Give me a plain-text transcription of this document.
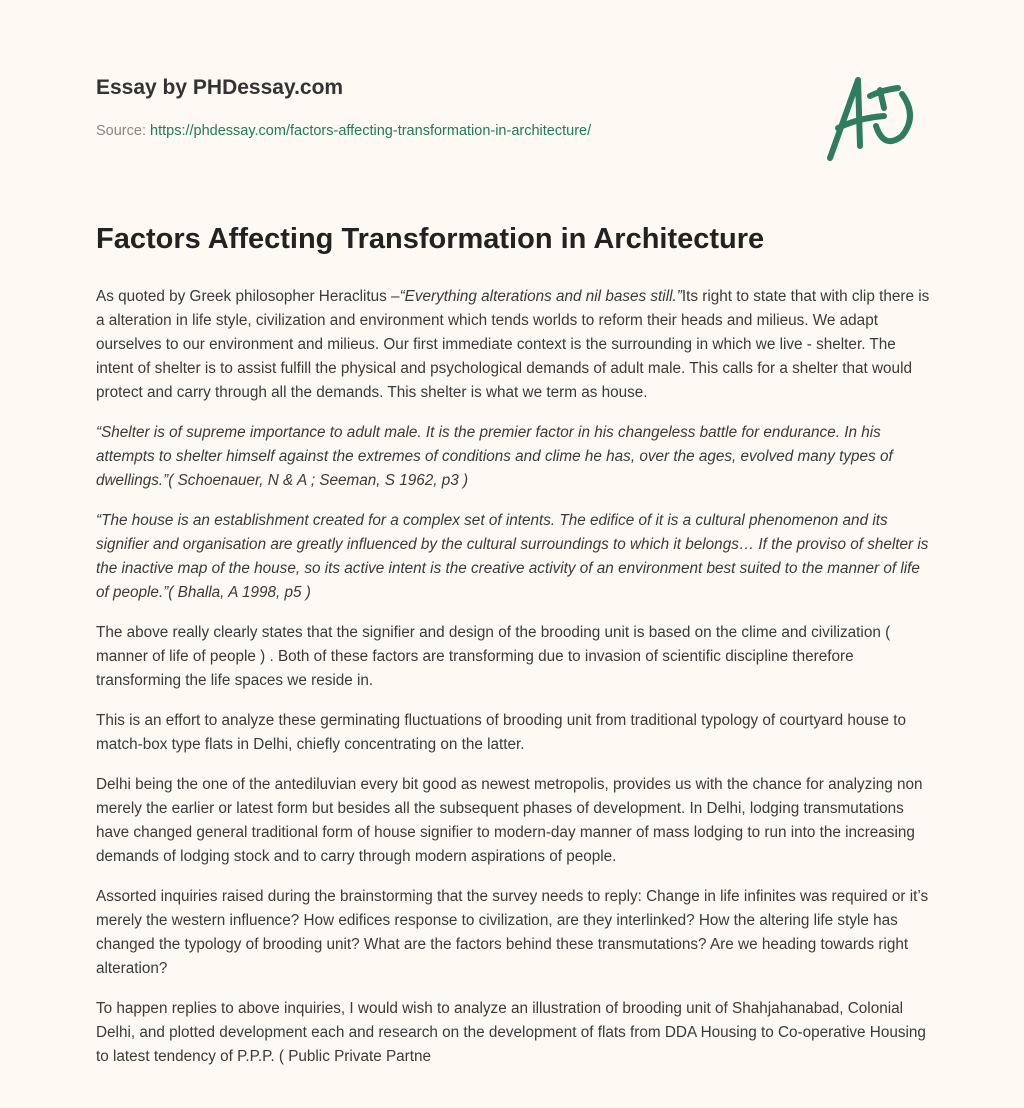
Essay by PHDessay.com

Source: https://phdessay.com/factors-affecting-transformation-in-architecture/
Factors Affecting Transformation in Architecture

As quoted by Greek philosopher Heraclitus –“Everything alterations and nil bases still.”Its right to state that with clip there is a alteration in life style, civilization and environment which tends worlds to reform their heads and milieus. We adapt ourselves to our environment and milieus. Our first immediate context is the surrounding in which we live - shelter. The intent of shelter is to assist fulfill the physical and psychological demands of adult male. This calls for a shelter that would protect and carry through all the demands. This shelter is what we term as house.

“Shelter is of supreme importance to adult male. It is the premier factor in his changeless battle for endurance. In his attempts to shelter himself against the extremes of conditions and clime he has, over the ages, evolved many types of dwellings.”( Schoenauer, N & A ; Seeman, S 1962, p3 )

“The house is an establishment created for a complex set of intents. The edifice of it is a cultural phenomenon and its signifier and organisation are greatly influenced by the cultural surroundings to which it belongs… If the proviso of shelter is the inactive map of the house, so its active intent is the creative activity of an environment best suited to the manner of life of people.”( Bhalla, A 1998, p5 )

The above really clearly states that the signifier and design of the brooding unit is based on the clime and civilization ( manner of life of people ) . Both of these factors are transforming due to invasion of scientific discipline therefore transforming the life spaces we reside in.

This is an effort to analyze these germinating fluctuations of brooding unit from traditional typology of courtyard house to match-box type flats in Delhi, chiefly concentrating on the latter.

Delhi being the one of the antediluvian every bit good as newest metropolis, provides us with the chance for analyzing non merely the earlier or latest form but besides all the subsequent phases of development. In Delhi, lodging transmutations have changed general traditional form of house signifier to modern-day manner of mass lodging to run into the increasing demands of lodging stock and to carry through modern aspirations of people.

Assorted inquiries raised during the brainstorming that the survey needs to reply: Change in life infinites was required or it’s merely the western influence? How edifices response to civilization, are they interlinked? How the altering life style has changed the typology of brooding unit? What are the factors behind these transmutations? Are we heading towards right alteration?

To happen replies to above inquiries, I would wish to analyze an illustration of brooding unit of Shahjahanabad, Colonial Delhi, and plotted development each and research on the development of flats from DDA Housing to Co-operative Housing to latest tendency of P.P.P. ( Public Private Partne
